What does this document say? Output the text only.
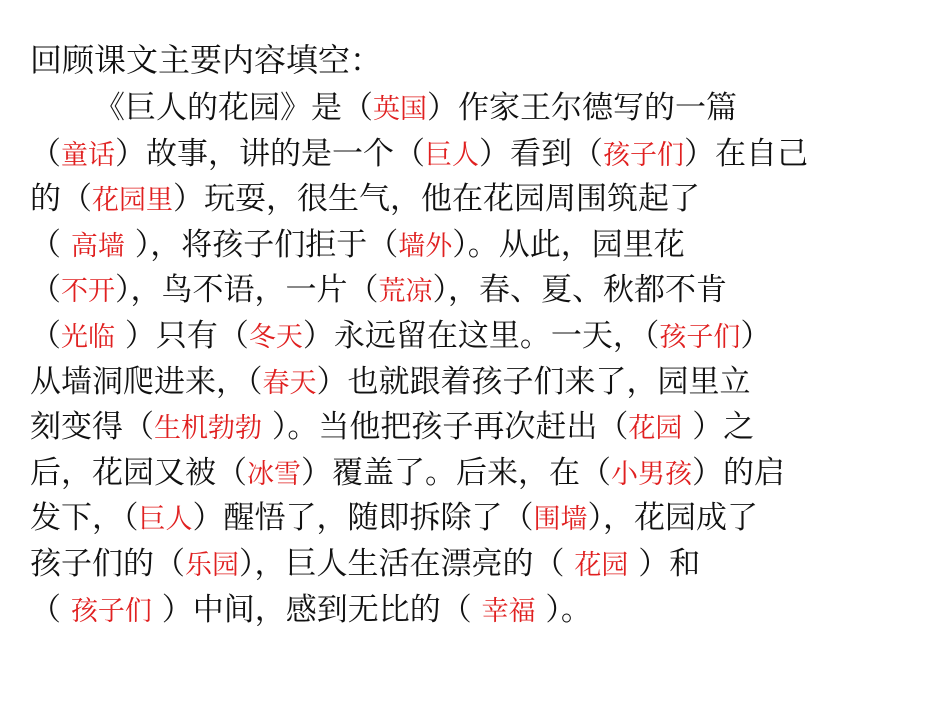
回顾课文主要内容填空：
《巨人的花园》是（英国）作家王尔德写的一篇
（童话）故事，讲的是一个（巨人）看到（孩子们）在自己
的（花园里）玩耍，很生气，他在花园周围筑起了
（ 高墙 ），将孩子们拒于（墙外）。从此，园里花
（不开），鸟不语，一片（荒凉），春、夏、秋都不肯
（光临 ）只有（冬天）永远留在这里。一天，（孩子们）
从墙洞爬进来，（春天）也就跟着孩子们来了，园里立
刻变得（生机勃勃 ）。当他把孩子再次赶出（花园 ）之
后，花园又被（冰雪）覆盖了。后来，在（小男孩）的启
发下，（巨人）醒悟了，随即拆除了（围墙），花园成了
孩子们的（乐园），巨人生活在漂亮的（ 花园 ）和
（ 孩子们 ）中间，感到无比的（ 幸福 ）。
